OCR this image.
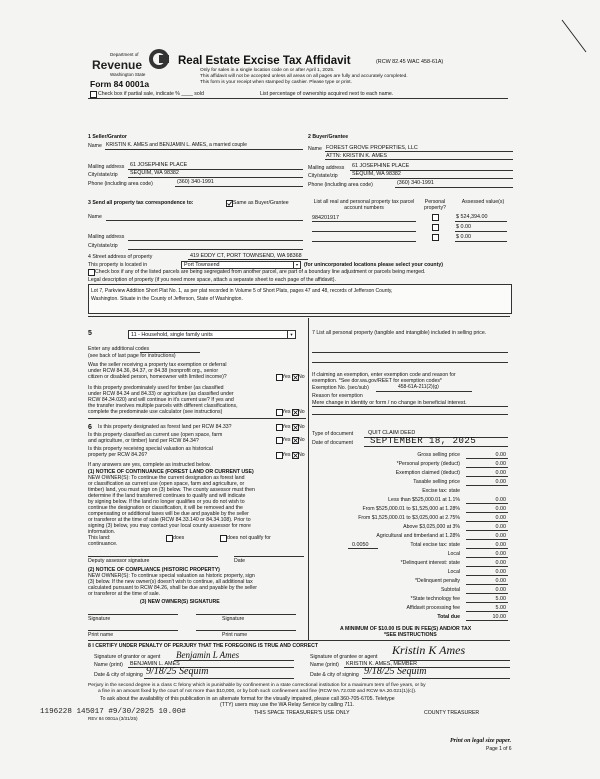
Department of
Revenue
Washington State
Form 84 0001a
Real Estate Excise Tax Affidavit	(RCW 82.45 WAC 458-61A)
Only for sales in a single location code on or after April 1, 2025.
This affidavit will not be accepted unless all areas on all pages are fully and accurately completed.
This form is your receipt when stamped by cashier. Please type or print.
Check box if partial sale, indicate % ____ sold	List percentage of ownership acquired next to each name.
1 Seller/Grantor
Name KRISTIN K. AMES and BENJAMIN L. AMES, a married couple
Mailing address 61 JOSEPHINE PLACE
City/state/zip SEQUIM, WA 98382
Phone (including area code)	(360) 340-1991
2 Buyer/Grantee
Name FOREST GROVE PROPERTIES, LLC
ATTN: KRISTIN K. AMES
Mailing address 61 JOSEPHINE PLACE
City/state/zip	SEQUIM, WA 98382
Phone (including area code)	(360) 340-1991
3 Send all property tax correspondence to:	Same as Buyer/Grantee
Name
Mailing address
City/state/zip
List all real and personal property tax parcel account numbers
Personal property?
Assessed value(s)
984201917	$ 524,394.00
$ 0.00
$ 0.00
4 Street address of property	419 EDDY CT, PORT TOWNSEND, WA 98368
This property is located in	Port Townsend	▾	(for unincorporated locations please select your county)
Check box if any of the listed parcels are being segregated from another parcel, are part of a boundary line adjustment or parcels being merged.
Legal description of property (if you need more space, attach a separate sheet to each page of the affidavit).
Lot 7, Parkview Addition Short Plat No. 1, as per plat recorded in Volume 5 of Short Plats, pages 47 and 48, records of Jefferson County,
Washington. Situate in the County of Jefferson, State of Washington.
5	11 - Household, single family units	▾
Enter any additional codes
(see back of last page for instructions)
Was the seller receiving a property tax exemption or deferral
under RCW 84.36, 84.37, or 84.38 (nonprofit org., senior
citizen or disabled person, homeowner with limited income)?	Yes No
Is this property predominately used for timber (as classified
under RCW 84.34 and 84.33) or agriculture (as classified under
RCW 84.34.020) and will continue in it's current use? If yes and
the transfer involves multiple parcels with different classifications,
complete the predominate use calculator (see instructions)	Yes No
6 Is this property designated as forest land per RCW 84.33?	Yes No
Is this property classified as current use (open space, farm
and agriculture, or timber) land per RCW 84.34?	Yes No
Is this property receiving special valuation as historical
property per RCW 84.26?	Yes No
If any answers are yes, complete as instructed below.
(1) NOTICE OF CONTINUANCE (FOREST LAND OR CURRENT USE)
NEW OWNER(S): To continue the current designation as forest land
or classification as current use (open space, farm and agriculture, or
timber) land, you must sign on (3) below. The county assessor must then
determine if the land transferred continues to qualify and will indicate
by signing below. If the land no longer qualifies or you do not wish to
continue the designation or classification, it will be removed and the
compensating or additional taxes will be due and payable by the seller
or transferor at the time of sale (RCW 84.33.140 or 84.34.108). Prior to
signing (3) below, you may contact your local county assessor for more
information.
This land:	does	does not qualify for
continuance.
Deputy assessor signature	Date
(2) NOTICE OF COMPLIANCE (HISTORIC PROPERTY)
NEW OWNER(S): To continue special valuation as historic property, sign
(3) below. If the new owner(s) doesn't wish to continue, all additional tax
calculated pursuant to RCW 84.26, shall be due and payable by the seller
or transferor at the time of sale.
(3) NEW OWNER(S) SIGNATURE
Signature	Signature
Print name	Print name
7 List all personal property (tangible and intangible) included in selling price.
If claiming an exemption, enter exemption code and reason for
exemption. *See dor.wa.gov/REET for exemption codes*
Exemption No. (sec/sub)	458-61A-211(2)(g)
Reason for exemption
Mere change in identity or form / no change in beneficial interest.
Type of document	QUIT CLAIM DEED
Date of document SEPTEMBER 18, 2025
Gross selling price	0.00
*Personal property (deduct)	0.00
Exemption claimed (deduct)	0.00
Taxable selling price	0.00
Excise tax: state
Less than $525,000.01 at 1.1%	0.00
From $525,000.01 to $1,525,000 at 1.28%	0.00
From $1,525,000.01 to $3,025,000 at 2.75%	0.00
Above $3,025,000 at 3%	0.00
Agricultural and timberland at 1.28%	0.00
Total excise tax: state	0.00
Local	0.00
*Delinquent interest: state	0.00
Local	0.00
*Delinquent penalty	0.00
Subtotal	0.00
*State technology fee	5.00
Affidavit processing fee	5.00
Total due	10.00
0.0050
A MINIMUM OF $10.00 IS DUE IN FEE(S) AND/OR TAX
*SEE INSTRUCTIONS
8 I CERTIFY UNDER PENALTY OF PERJURY THAT THE FOREGOING IS TRUE AND CORRECT
Signature of grantor or agent Benjamin L Ames
Name (print) BENJAMIN L. AMES
Date & city of signing 9/18/25 Sequim
Signature of grantee or agent Kristin K Ames
Name (print) KRISTIN K. AMES, MEMBER
Date & city of signing 9/18/25 Sequim
Perjury in the second degree is a class C felony which is punishable by confinement in a state correctional institution for a maximum term of five years, or by
a fine in an amount fixed by the court of not more than $10,000, or by both such confinement and fine (RCW 9A.72.030 and RCW 9A.20.021(1)(c)).
To ask about the availability of this publication in an alternate format for the visually impaired, please call 360-705-6705. Teletype
(TTY) users may use the WA Relay Service by calling 711.
1196228 145017 #9/30/2025 10.00#	THIS SPACE TREASURER'S USE ONLY	COUNTY TREASURER
REV 84 0001a (3/31/25)
Print on legal size paper.
Page 1 of 6
